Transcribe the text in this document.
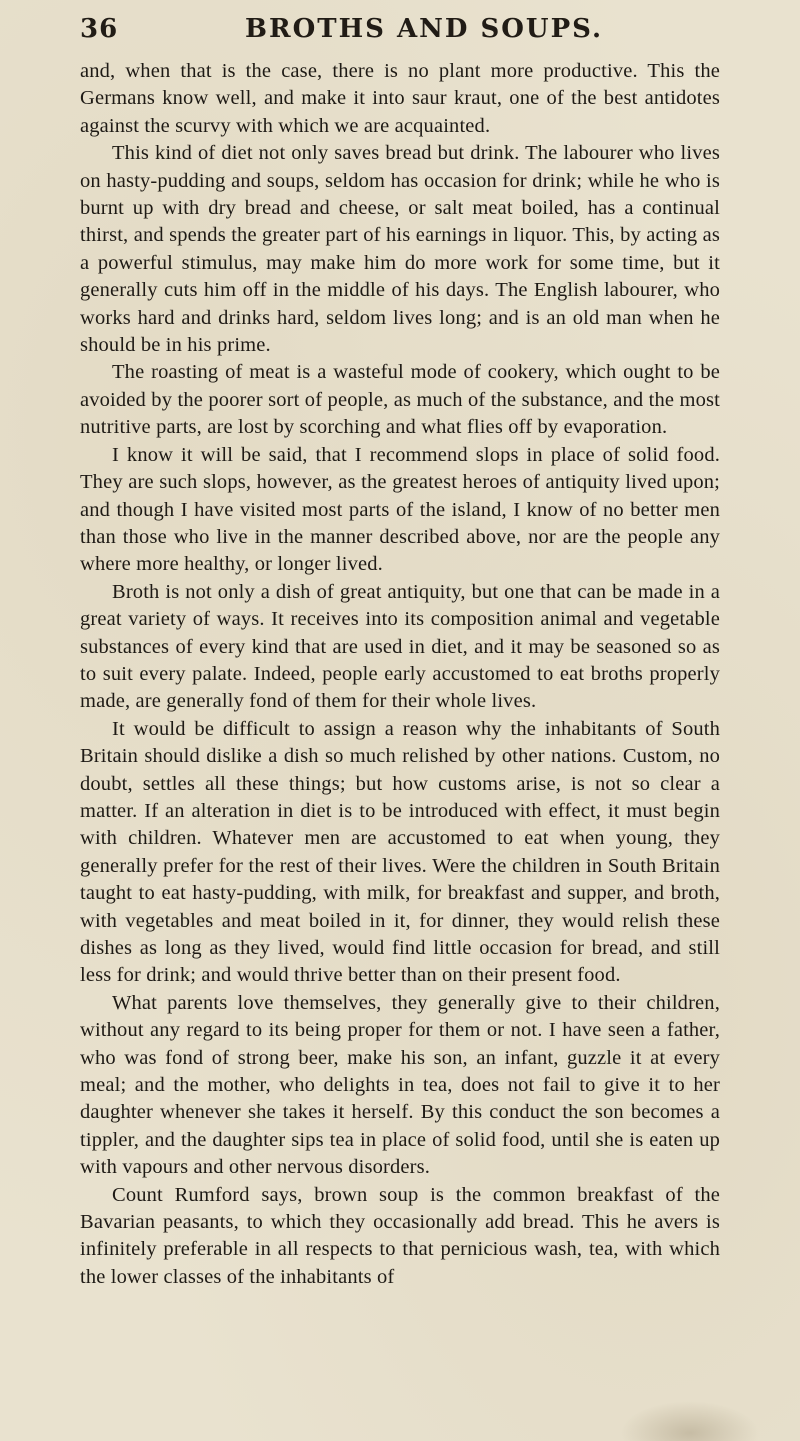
36	BROTHS AND SOUPS.

and, when that is the case, there is no plant more productive. This the Germans know well, and make it into saur kraut, one of the best antidotes against the scurvy with which we are acquainted.

This kind of diet not only saves bread but drink. The labourer who lives on hasty-pudding and soups, seldom has occasion for drink; while he who is burnt up with dry bread and cheese, or salt meat boiled, has a continual thirst, and spends the greater part of his earnings in liquor. This, by acting as a powerful stimulus, may make him do more work for some time, but it generally cuts him off in the middle of his days. The English labourer, who works hard and drinks hard, seldom lives long; and is an old man when he should be in his prime.

The roasting of meat is a wasteful mode of cookery, which ought to be avoided by the poorer sort of people, as much of the substance, and the most nutritive parts, are lost by scorching and what flies off by evaporation.

I know it will be said, that I recommend slops in place of solid food. They are such slops, however, as the greatest heroes of antiquity lived upon; and though I have visited most parts of the island, I know of no better men than those who live in the manner described above, nor are the people any where more healthy, or longer lived.

Broth is not only a dish of great antiquity, but one that can be made in a great variety of ways. It receives into its composition animal and vegetable substances of every kind that are used in diet, and it may be seasoned so as to suit every palate. Indeed, people early accustomed to eat broths properly made, are generally fond of them for their whole lives.

It would be difficult to assign a reason why the inhabitants of South Britain should dislike a dish so much relished by other nations. Custom, no doubt, settles all these things; but how customs arise, is not so clear a matter. If an alteration in diet is to be introduced with effect, it must begin with children. Whatever men are accustomed to eat when young, they generally prefer for the rest of their lives. Were the children in South Britain taught to eat hasty-pudding, with milk, for breakfast and supper, and broth, with vegetables and meat boiled in it, for dinner, they would relish these dishes as long as they lived, would find little occasion for bread, and still less for drink; and would thrive better than on their present food.

What parents love themselves, they generally give to their children, without any regard to its being proper for them or not. I have seen a father, who was fond of strong beer, make his son, an infant, guzzle it at every meal; and the mother, who delights in tea, does not fail to give it to her daughter whenever she takes it herself. By this conduct the son becomes a tippler, and the daughter sips tea in place of solid food, until she is eaten up with vapours and other nervous disorders.

Count Rumford says, brown soup is the common breakfast of the Bavarian peasants, to which they occasionally add bread. This he avers is infinitely preferable in all respects to that pernicious wash, tea, with which the lower classes of the inhabitants of
